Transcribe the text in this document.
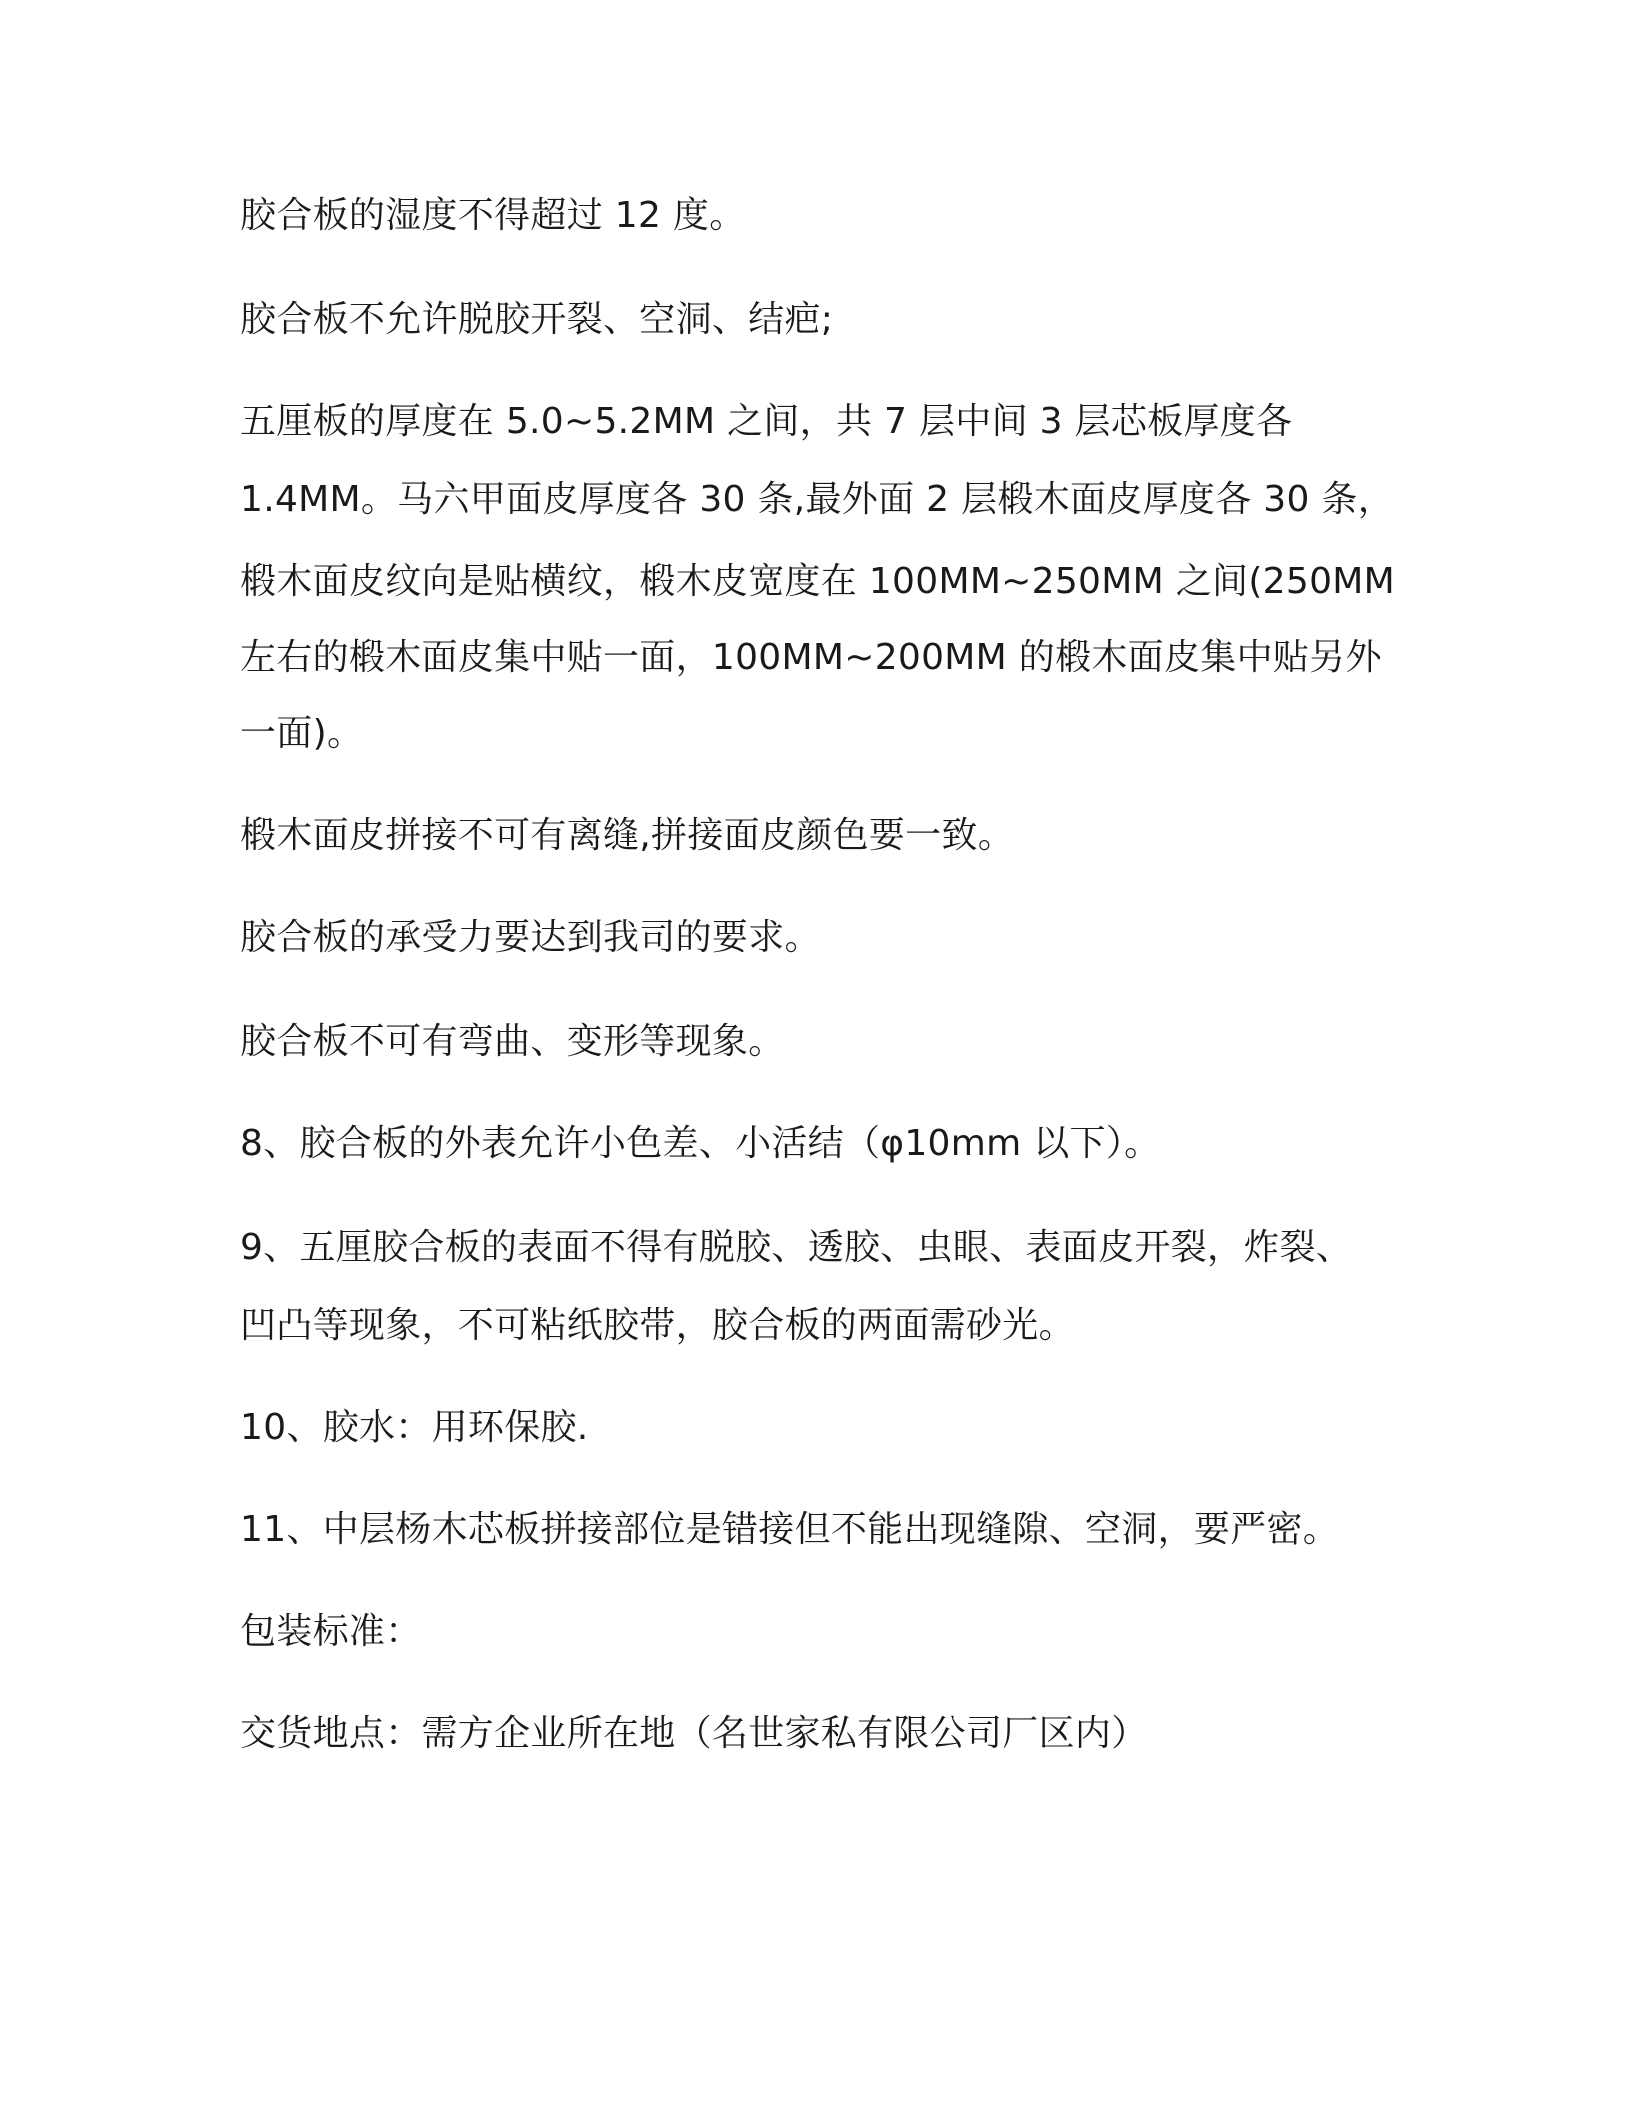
胶合板的湿度不得超过 12 度。
胶合板不允许脱胶开裂、空洞、结疤;
五厘板的厚度在 5.0~5.2MM 之间，共 7 层中间 3 层芯板厚度各
1.4MM。马六甲面皮厚度各 30 条,最外面 2 层椴木面皮厚度各 30 条，
椴木面皮纹向是贴横纹，椴木皮宽度在 100MM~250MM 之间(250MM
左右的椴木面皮集中贴一面，100MM~200MM 的椴木面皮集中贴另外
一面)。
椴木面皮拼接不可有离缝,拼接面皮颜色要一致。
胶合板的承受力要达到我司的要求。
胶合板不可有弯曲、变形等现象。
8、胶合板的外表允许小色差、小活结（φ10mm 以下）。
9、五厘胶合板的表面不得有脱胶、透胶、虫眼、表面皮开裂，炸裂、
凹凸等现象，不可粘纸胶带，胶合板的两面需砂光。
10、胶水：用环保胶.
11、中层杨木芯板拼接部位是错接但不能出现缝隙、空洞，要严密。
包装标准：
交货地点：需方企业所在地（名世家私有限公司厂区内）
